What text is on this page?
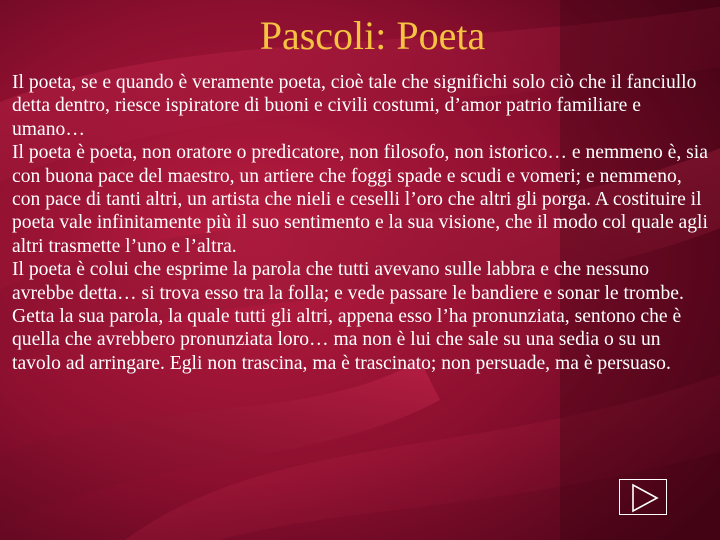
Pascoli: Poeta

Il poeta, se e quando è veramente poeta, cioè tale che significhi solo ciò che il fanciullo detta dentro, riesce ispiratore di buoni e civili costumi, d’amor patrio familiare e umano…

Il poeta è poeta, non oratore o predicatore, non filosofo, non istorico… e nemmeno è, sia con buona pace del maestro, un artiere che foggi spade e scudi e vomeri; e nemmeno, con pace di tanti altri, un artista che nieli e ceselli l’oro che altri gli porga. A costituire il poeta vale infinitamente più il suo sentimento e la sua visione, che il modo col quale agli altri trasmette l’uno e l’altra.

Il poeta è colui che esprime la parola che tutti avevano sulle labbra e che nessuno avrebbe detta… si trova esso tra la folla; e vede passare le bandiere e sonar le trombe. Getta la sua parola, la quale tutti gli altri, appena esso l’ha pronunziata, sentono che è quella che avrebbero pronunziata loro… ma non è lui che sale su una sedia o su un tavolo ad arringare. Egli non trascina, ma è trascinato; non persuade, ma è persuaso.
